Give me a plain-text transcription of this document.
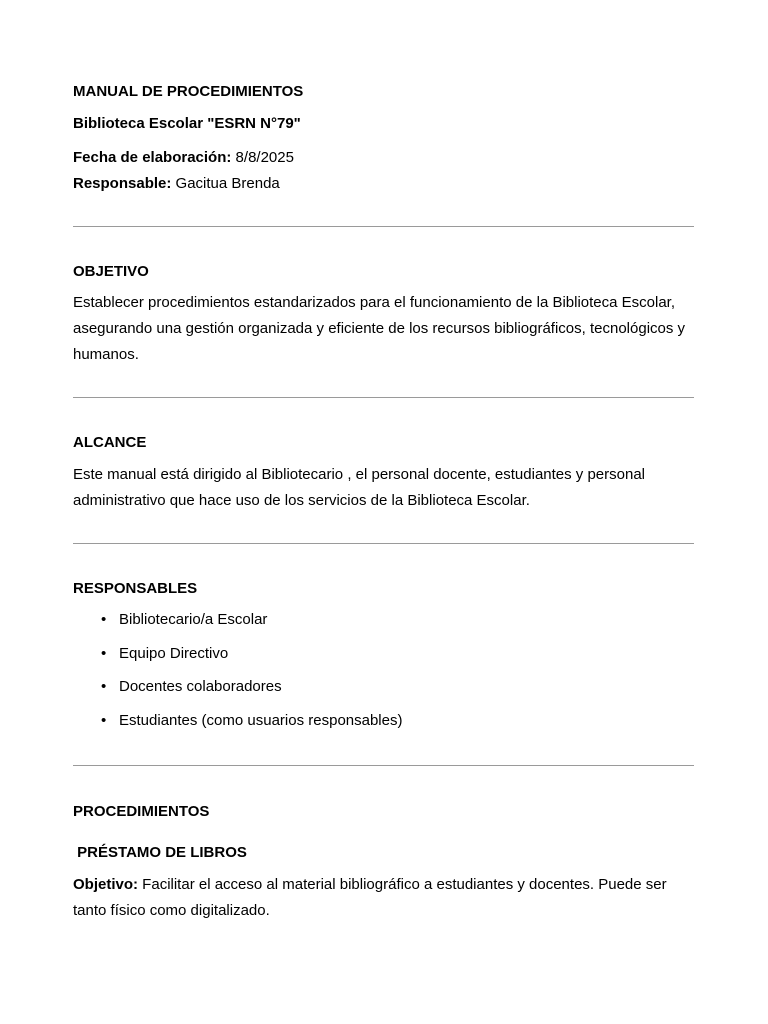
MANUAL DE PROCEDIMIENTOS
Biblioteca Escolar "ESRN N°79"
Fecha de elaboración: 8/8/2025
Responsable: Gacitua Brenda
OBJETIVO
Establecer procedimientos estandarizados para el funcionamiento de la Biblioteca Escolar, asegurando una gestión organizada y eficiente de los recursos bibliográficos, tecnológicos y humanos.
ALCANCE
Este manual está dirigido al Bibliotecario , el personal docente, estudiantes y personal administrativo que hace uso de los servicios de la Biblioteca Escolar.
RESPONSABLES
• Bibliotecario/a Escolar
• Equipo Directivo
• Docentes colaboradores
• Estudiantes (como usuarios responsables)
PROCEDIMIENTOS
PRÉSTAMO DE LIBROS
Objetivo: Facilitar el acceso al material bibliográfico a estudiantes y docentes. Puede ser tanto físico como digitalizado.
